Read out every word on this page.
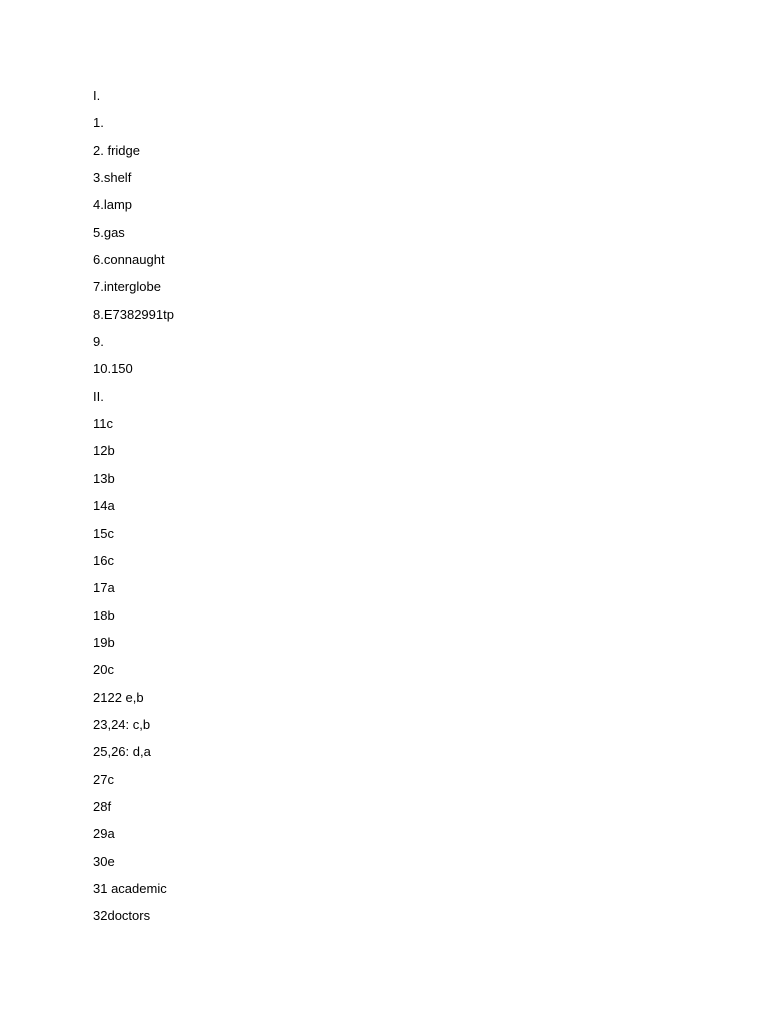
I.
1.
2. fridge
3.shelf
4.lamp
5.gas
6.connaught
7.interglobe
8.E7382991tp
9.
10.150
II.
11c
12b
13b
14a
15c
16c
17a
18b
19b
20c
2122 e,b
23,24: c,b
25,26: d,a
27c
28f
29a
30e
31 academic
32doctors
